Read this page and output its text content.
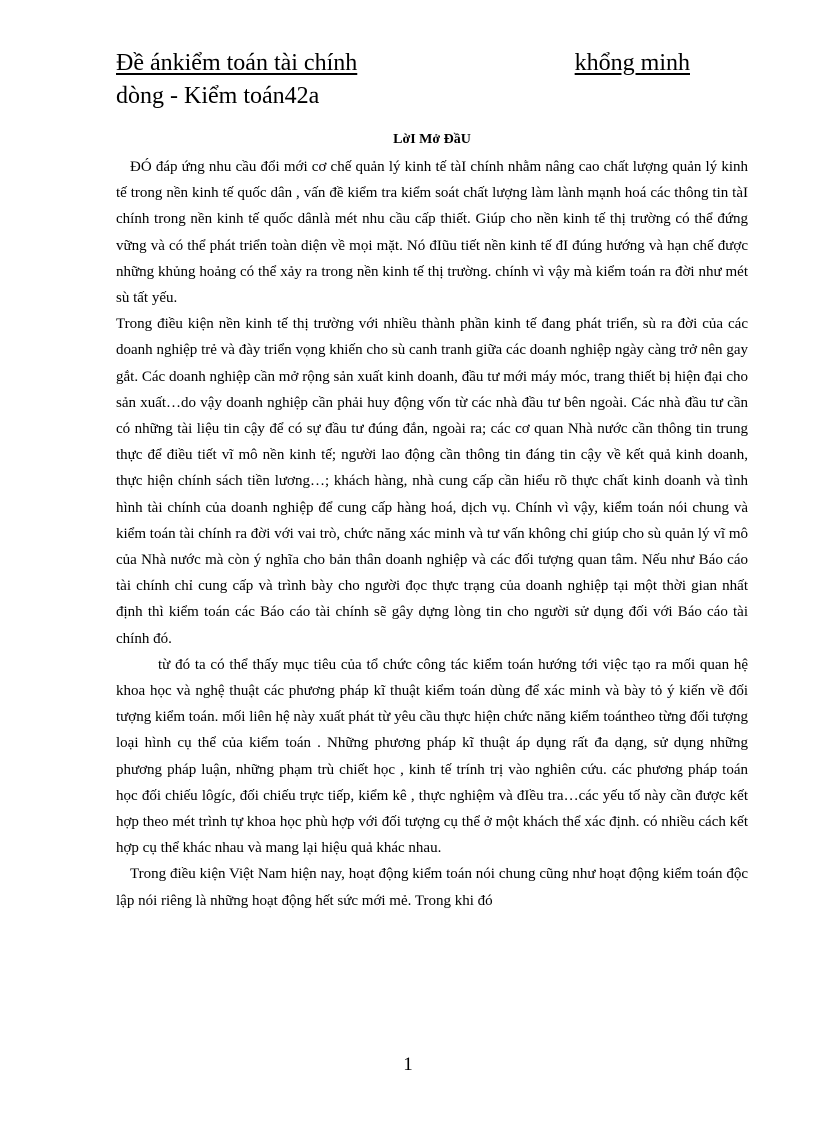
Đề ánkiểm toán tài chính	khổng minh
dòng - Kiểm toán42a
LờI Mở ĐầU

ĐÓ đáp ứng nhu cầu đổi mới cơ chế quản lý kinh tế tàI chính nhằm nâng cao chất lượng quản lý kinh tế trong nền kinh tế quốc dân , vấn đề kiểm tra kiểm soát chất lượng làm lành mạnh hoá các thông tin tàI chính trong nền kinh tế quốc dânlà mét nhu cầu cấp thiết. Giúp cho nền kinh tế thị trường có thể đứng vững và có thể phát triển toàn diện về mọi mặt. Nó đIũu tiết nền kinh tế đI đúng hướng và hạn chế được những khủng hoảng có thể xảy ra trong nền kinh tế thị trường. chính vì vậy mà kiểm toán ra đời như mét sù tất yếu.

Trong điều kiện nền kinh tế thị trường với nhiều thành phần kinh tế đang phát triển, sù ra đời của các doanh nghiệp trẻ và đày triển vọng khiến cho sù canh tranh giữa các doanh nghiệp ngày càng trở nên gay gắt. Các doanh nghiệp cần mở rộng sản xuất kinh doanh, đầu tư mới máy móc, trang thiết bị hiện đại cho sản xuất…do vậy doanh nghiệp cần phải huy động vốn từ các nhà đầu tư bên ngoài. Các nhà đầu tư cần có những tài liệu tin cậy để có sự đầu tư đúng đắn, ngoài ra; các cơ quan Nhà nước cần thông tin trung thực để điều tiết vĩ mô nền kinh tế; người lao động cần thông tin đáng tin cậy về kết quả kinh doanh, thực hiện chính sách tiền lương…; khách hàng, nhà cung cấp cần hiểu rõ thực chất kinh doanh và tình hình tài chính của doanh nghiệp để cung cấp hàng hoá, dịch vụ. Chính vì vậy, kiểm toán nói chung và kiểm toán tài chính ra đời với vai trò, chức năng xác minh và tư vấn không chỉ giúp cho sù quản lý vĩ mô của Nhà nước mà còn ý nghĩa cho bản thân doanh nghiệp và các đối tượng quan tâm. Nếu như Báo cáo tài chính chỉ cung cấp và trình bày cho người đọc thực trạng của doanh nghiệp tại một thời gian nhất định thì kiểm toán các Báo cáo tài chính sẽ gây dựng lòng tin cho người sử dụng đối với Báo cáo tài chính đó.

từ đó ta có thể thấy mục tiêu của tổ chức công tác kiểm toán hướng tới việc tạo ra mối quan hệ khoa học và nghệ thuật các phương pháp kĩ thuật kiểm toán dùng để xác minh và bày tỏ ý kiến về đối tượng kiểm toán. mối liên hệ này xuất phát từ yêu cầu thực hiện chức năng kiểm toántheo từng đối tượng loại hình cụ thể của kiểm toán . Những phương pháp kĩ thuật áp dụng rất đa dạng, sử dụng những phương pháp luận, những phạm trù chiết học , kinh tế trính trị vào nghiên cứu. các phương pháp toán học đối chiếu lôgíc, đối chiếu trực tiếp, kiểm kê , thực nghiệm và đIều tra…các yếu tố này cần được kết hợp theo mét trình tự khoa học phù hợp với đối tượng cụ thể ở một khách thể xác định. có nhiều cách kết hợp cụ thể khác nhau và mang lại hiệu quả khác nhau.

Trong điều kiện Việt Nam hiện nay, hoạt động kiểm toán nói chung cũng như hoạt động kiểm toán độc lập nói riêng là những hoạt động hết sức mới mẻ. Trong khi đó

1
